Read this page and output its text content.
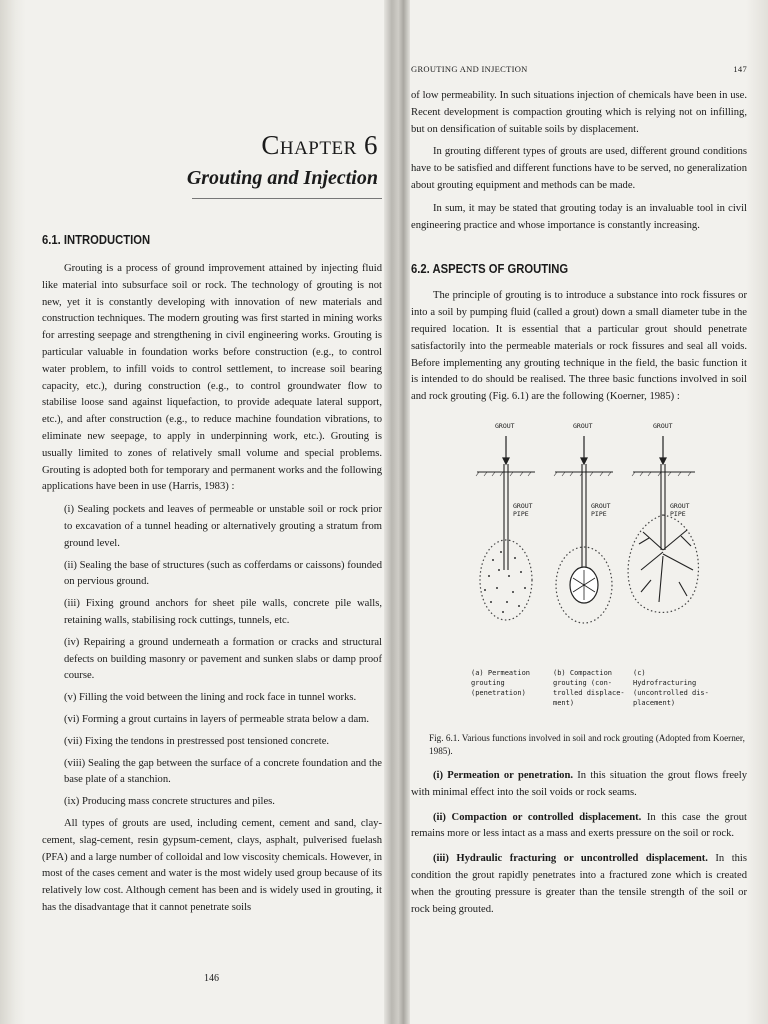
Chapter 6
Grouting and Injection
6.1. INTRODUCTION

Grouting is a process of ground improvement attained by injecting fluid like material into subsurface soil or rock. The technology of grouting is not new, yet it is constantly developing with innovation of new materials and construction techniques. The modern grouting was first started in mining works for arresting seepage and strengthening in civil engineering works. Grouting is particular valuable in foundation works before construction (e.g., to control water problem, to infill voids to control settlement, to increase soil bearing capacity, etc.), during construction (e.g., to control groundwater flow to stabilise loose sand against liquefaction, to provide adequate lateral support, etc.), and after construction (e.g., to reduce machine foundation vibrations, to eliminate new seepage, to apply in underpinning work, etc.). Grouting is usually limited to zones of relatively small volume and special problems. Grouting is adopted both for temporary and permanent works and the following applications have been in use (Harris, 1983) :

(i) Sealing pockets and leaves of permeable or unstable soil or rock prior to excavation of a tunnel heading or alternatively grouting a stratum from ground level.

(ii) Sealing the base of structures (such as cofferdams or caissons) founded on pervious ground.

(iii) Fixing ground anchors for sheet pile walls, concrete pile walls, retaining walls, stabilising rock cuttings, tunnels, etc.

(iv) Repairing a ground underneath a formation or cracks and structural defects on building masonry or pavement and sunken slabs or damp proof course.

(v) Filling the void between the lining and rock face in tunnel works.

(vi) Forming a grout curtains in layers of permeable strata below a dam.

(vii) Fixing the tendons in prestressed post tensioned concrete.

(viii) Sealing the gap between the surface of a concrete foundation and the base plate of a stanchion.

(ix) Producing mass concrete structures and piles.

All types of grouts are used, including cement, cement and sand, clay-cement, slag-cement, resin gypsum-cement, clays, asphalt, pulverised fuelash (PFA) and a large number of colloidal and low viscosity chemicals. However, in most of the cases cement and water is the most widely used group because of its relatively low cost. Although cement has been and is widely used in grouting, it has the disadvantage that it cannot penetrate soils

146
GROUTING AND INJECTION	147

of low permeability. In such situations injection of chemicals have been in use. Recent development is compaction grouting which is relying not on infilling, but on densification of suitable soils by displacement.

In grouting different types of grouts are used, different ground conditions have to be satisfied and different functions have to be served, no generalization about grouting equipment and methods can be made.

In sum, it may be stated that grouting today is an invaluable tool in civil engineering practice and whose importance is constantly increasing.

6.2. ASPECTS OF GROUTING

The principle of grouting is to introduce a substance into rock fissures or into a soil by pumping fluid (called a grout) down a small diameter tube in the required location. It is essential that a particular grout should penetrate satisfactorily into the permeable materials or rock fissures and seal all voids. Before implementing any grouting technique in the field, the basic function it is intended to do should be realised. The three basic functions involved in soil and rock grouting (Fig. 6.1) are the following (Koerner, 1985) :

GROUT	GROUT	GROUT
GROUT PIPE
GROUT PIPE
GROUT PIPE
(a) Permeation grouting (penetration)
(b) Compaction grouting (con- trolled displace- ment)
(c) Hydrofracturing (uncontrolled dis- placement)

Fig. 6.1. Various functions involved in soil and rock grouting (Adopted from Koerner, 1985).

(i) Permeation or penetration. In this situation the grout flows freely with minimal effect into the soil voids or rock seams.

(ii) Compaction or controlled displacement. In this case the grout remains more or less intact as a mass and exerts pressure on the soil or rock.

(iii) Hydraulic fracturing or uncontrolled displacement. In this condition the grout rapidly penetrates into a fractured zone which is created when the grouting pressure is greater than the tensile strength of the soil or rock being grouted.
